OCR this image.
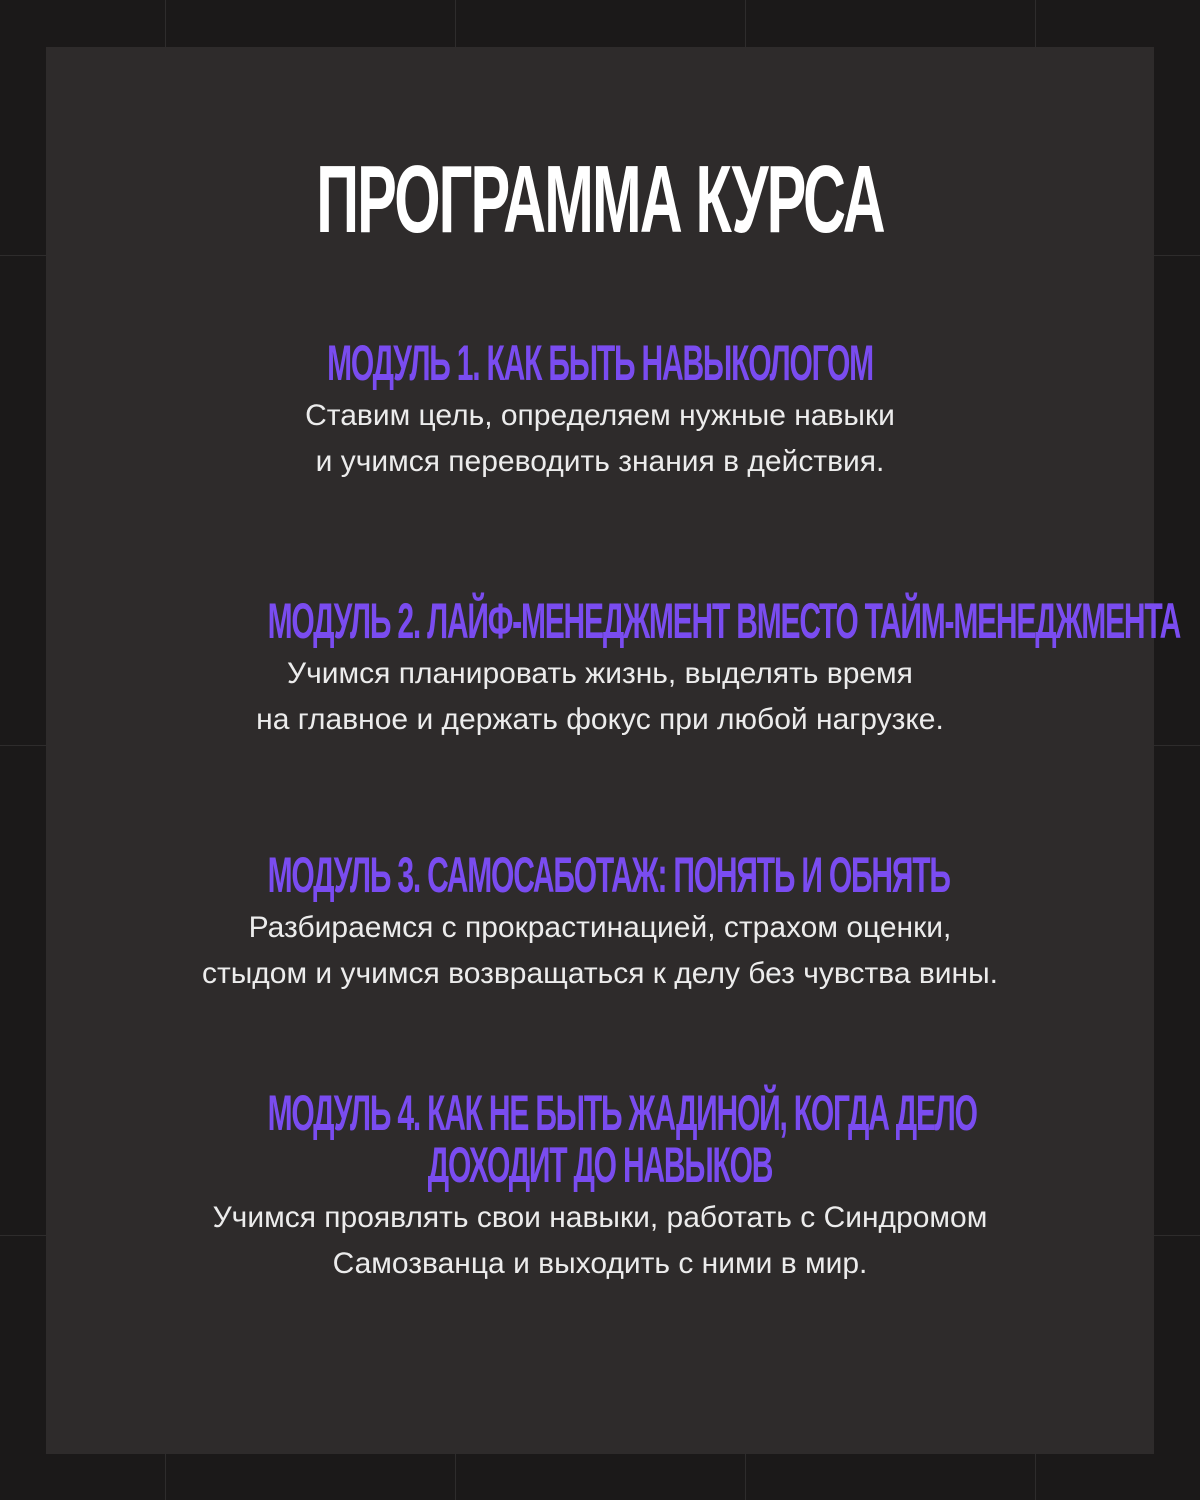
ПРОГРАММА КУРСА
МОДУЛЬ 1. КАК БЫТЬ НАВЫКОЛОГОМ
Ставим цель, определяем нужные навыки
и учимся переводить знания в действия.
МОДУЛЬ 2. ЛАЙФ-МЕНЕДЖМЕНТ ВМЕСТО ТАЙМ-МЕНЕДЖМЕНТА
Учимся планировать жизнь, выделять время
на главное и держать фокус при любой нагрузке.
МОДУЛЬ 3. САМОСАБОТАЖ: ПОНЯТЬ И ОБНЯТЬ
Разбираемся с прокрастинацией, страхом оценки,
стыдом и учимся возвращаться к делу без чувства вины.
МОДУЛЬ 4. КАК НЕ БЫТЬ ЖАДИНОЙ, КОГДА ДЕЛО
ДОХОДИТ ДО НАВЫКОВ
Учимся проявлять свои навыки, работать с Синдромом
Самозванца и выходить с ними в мир.
